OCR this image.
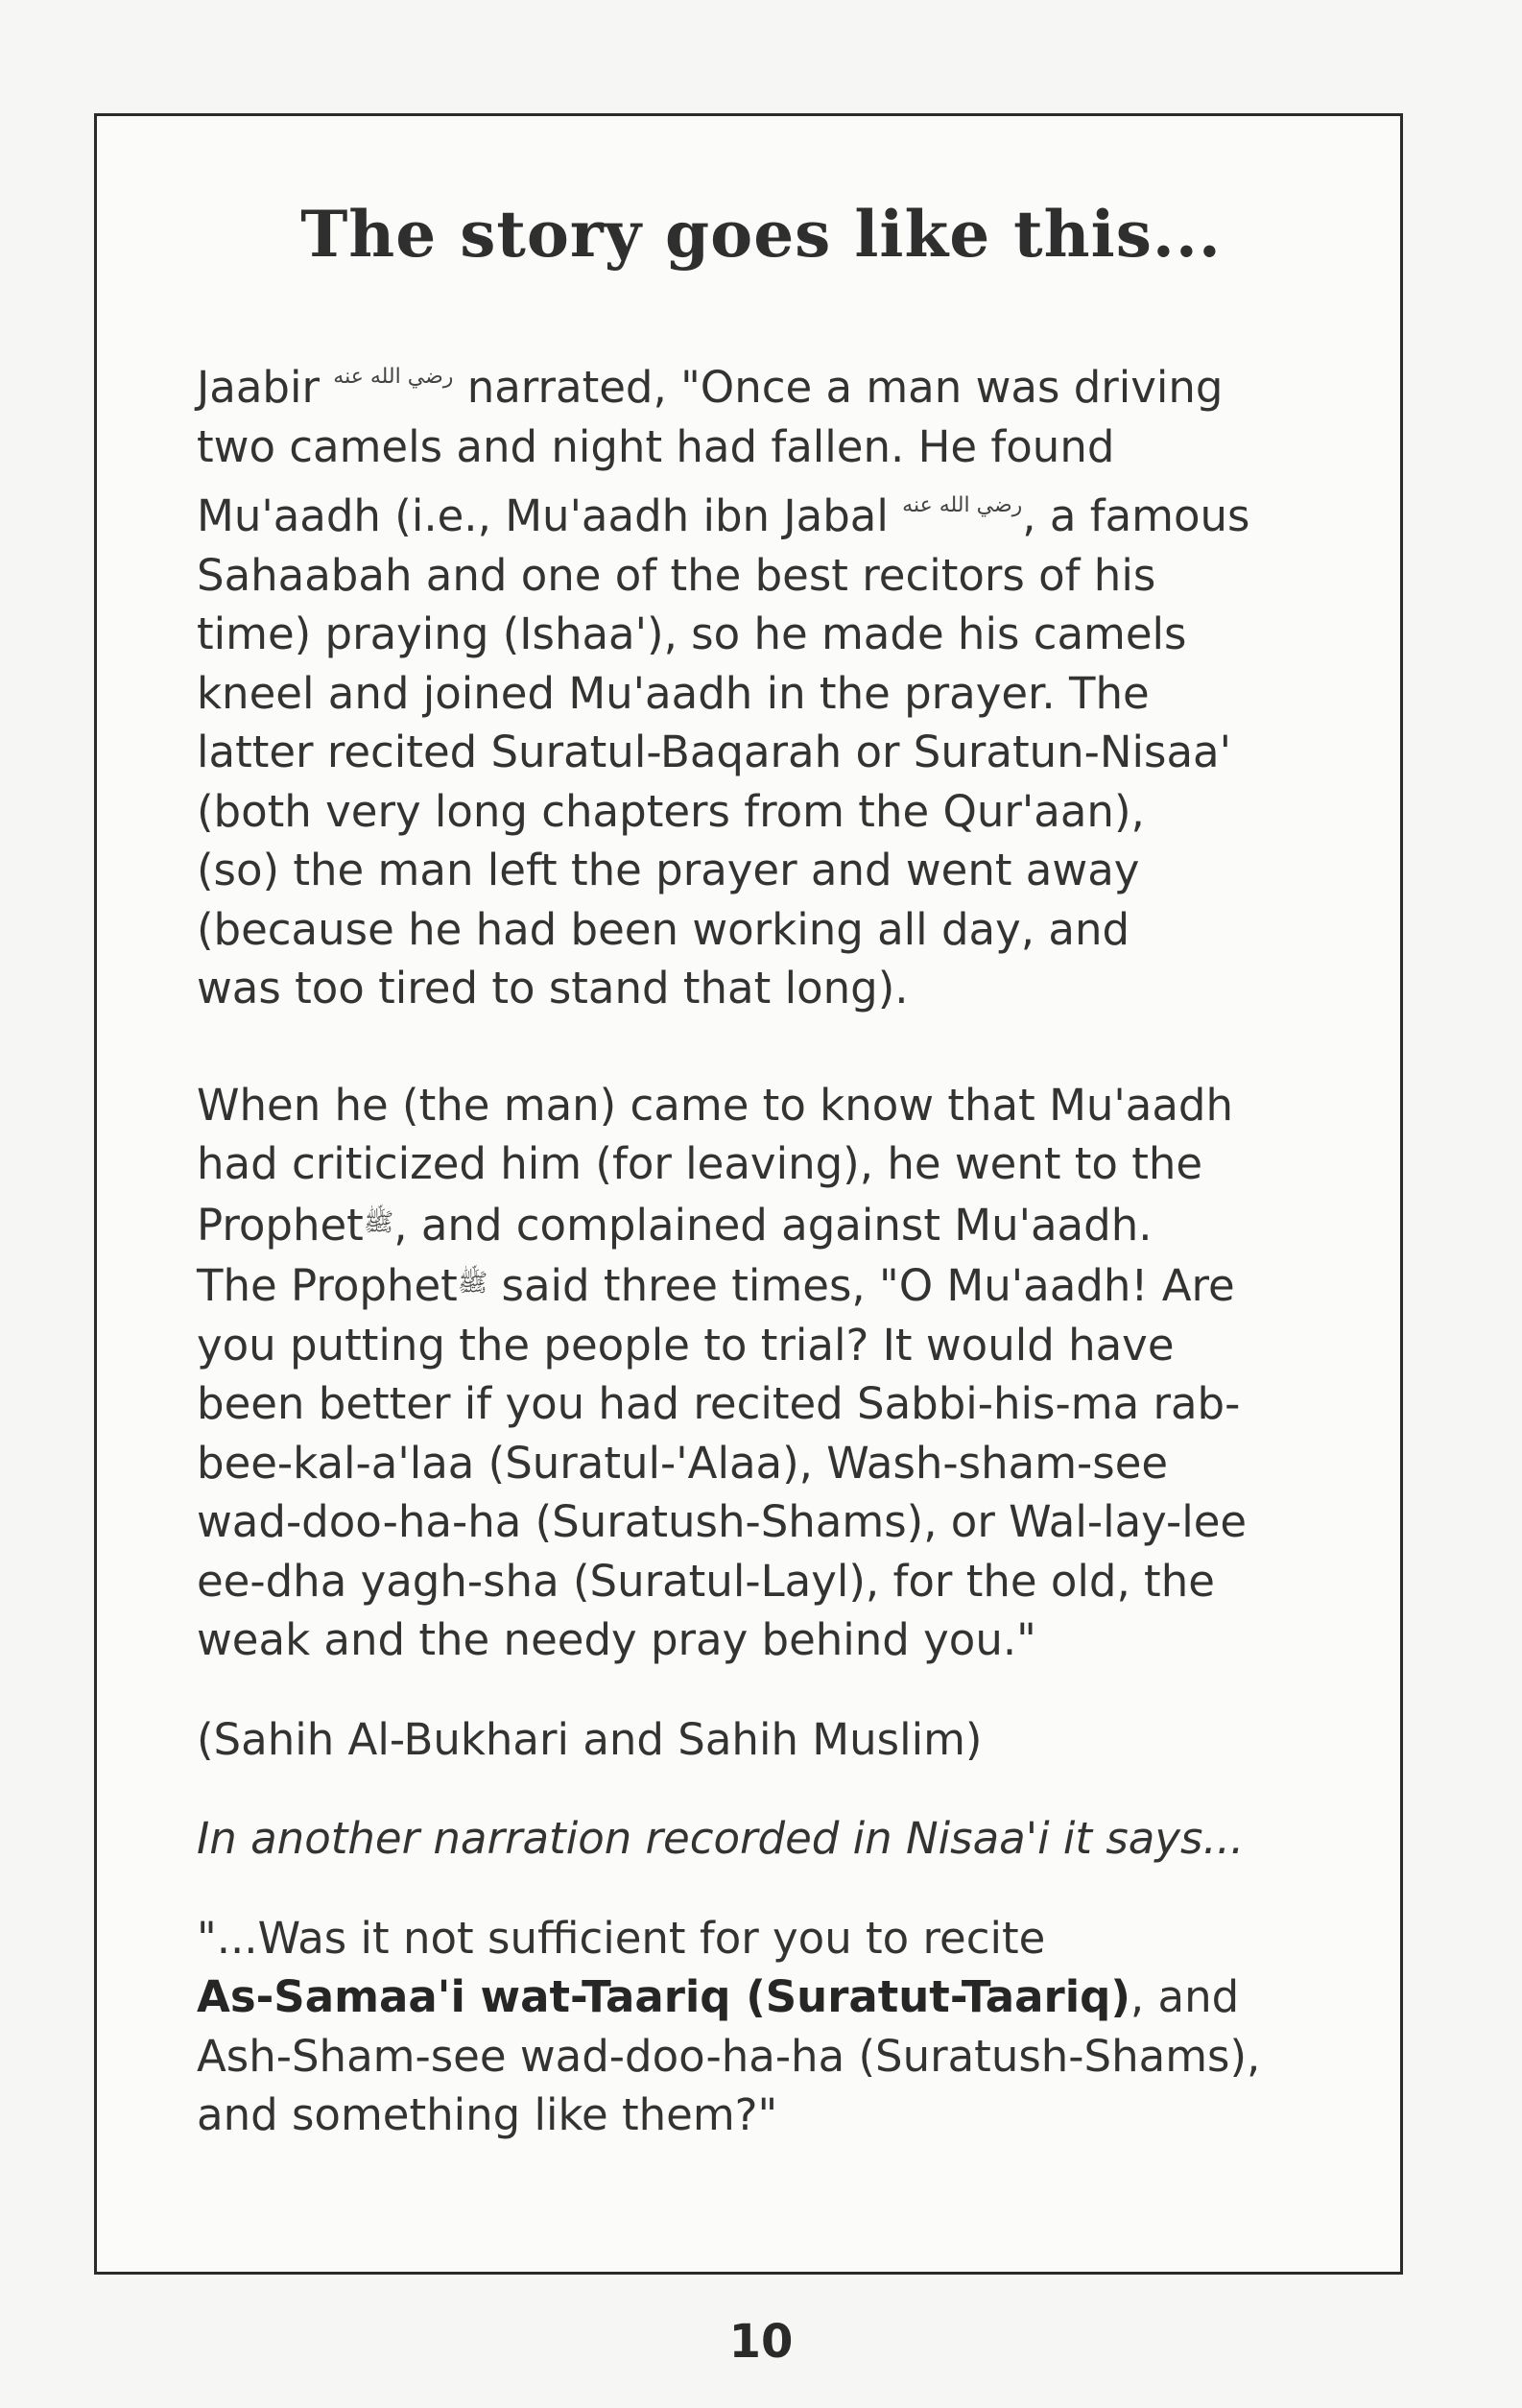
The story goes like this...

Jaabir $^{رضي الله عنه}$ narrated, "Once a man was driving
two camels and night had fallen. He found
Mu'aadh (i.e., Mu'aadh ibn Jabal $^{رضي الله عنه}$, a famous
Sahaabah and one of the best recitors of his
time) praying (Ishaa'), so he made his camels
kneel and joined Mu'aadh in the prayer. The
latter recited Suratul-Baqarah or Suratun-Nisaa'
(both very long chapters from the Qur'aan),
(so) the man left the prayer and went away
(because he had been working all day, and
was too tired to stand that long).

When he (the man) came to know that Mu'aadh
had criticized him (for leaving), he went to the
Prophet$^ﷺ$, and complained against Mu'aadh.
The Prophet$^ﷺ$ said three times, "O Mu'aadh! Are
you putting the people to trial? It would have
been better if you had recited Sabbi-his-ma rab-
bee-kal-a'laa (Suratul-'Alaa), Wash-sham-see
wad-doo-ha-ha (Suratush-Shams), or Wal-lay-lee
ee-dha yagh-sha (Suratul-Layl), for the old, the
weak and the needy pray behind you."

(Sahih Al-Bukhari and Sahih Muslim)

In another narration recorded in Nisaa'i it says...

"...Was it not sufficient for you to recite
As-Samaa'i wat-Taariq (Suratut-Taariq), and
Ash-Sham-see wad-doo-ha-ha (Suratush-Shams),
and something like them?"

10
